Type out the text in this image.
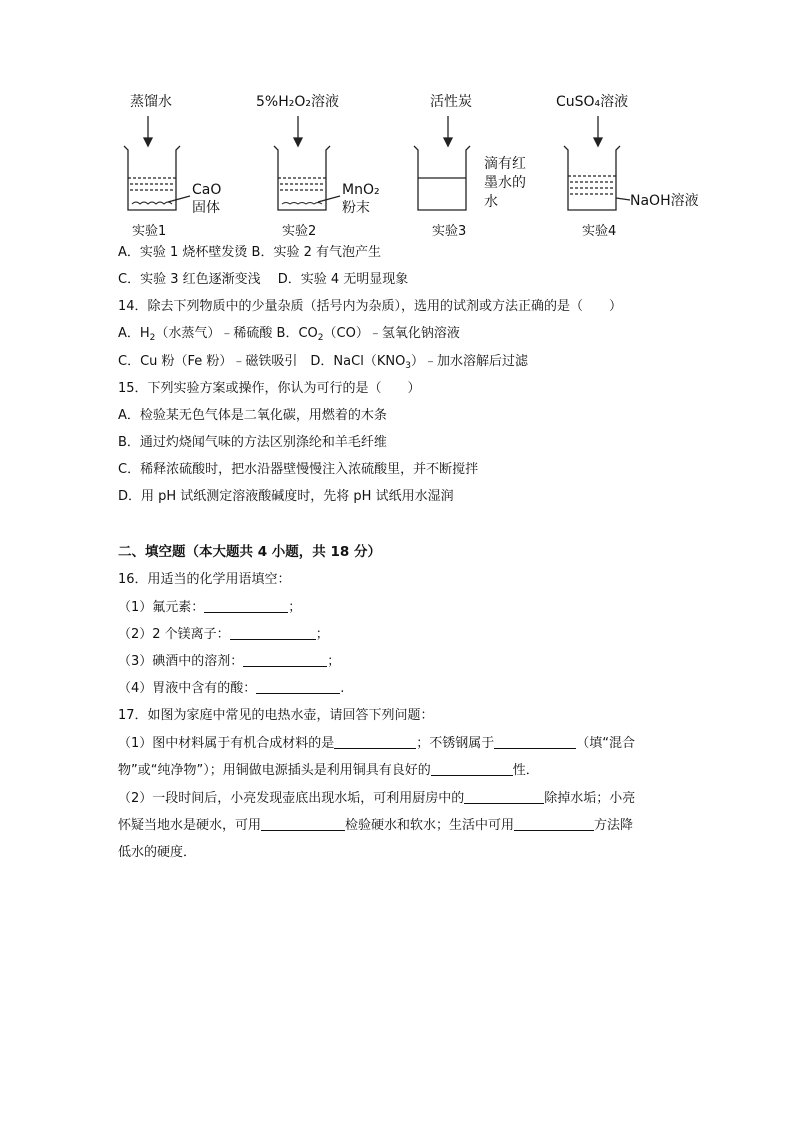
蒸馏水
CaO
固体
实验1
5%H₂O₂溶液
MnO₂
粉末
实验2
活性炭
滴有红
墨水的
水
实验3
CuSO₄溶液
NaOH溶液
实验4
A．实验 1 烧杯壁发烫 B．实验 2 有气泡产生
C．实验 3 红色逐渐变浅　 D．实验 4 无明显现象
14．除去下列物质中的少量杂质（括号内为杂质），选用的试剂或方法正确的是（　　）
A．$H_2$（水蒸气）﹣稀硫酸 B．$CO_2(CO)﹣$氢氧化钠溶液
C．Cu 粉（Fe 粉）﹣磁铁吸引　D．$NaCl(KNO_3)﹣$加水溶解后过滤
15．下列实验方案或操作，你认为可行的是（　　）
A．检验某无色气体是二氧化碳，用燃着的木条
B．通过灼烧闻气味的方法区别涤纶和羊毛纤维
C．稀释浓硫酸时，把水沿器壁慢慢注入浓硫酸里，并不断搅拌
D．用 pH 试纸测定溶液酸碱度时，先将 pH 试纸用水湿润
二、填空题（本大题共 4 小题，共 18 分）
16．用适当的化学用语填空：
（1）氟元素：	；
（2）2 个镁离子：	；
（3）碘酒中的溶剂：	；
（4）胃液中含有的酸：	.
17．如图为家庭中常见的电热水壶，请回答下列问题：
（1）图中材料属于有机合成材料的是	；不锈钢属于	（填“混合
物”或“纯净物”）；用铜做电源插头是利用铜具有良好的	性．
（2）一段时间后，小亮发现壶底出现水垢，可利用厨房中的	除掉水垢；小亮
怀疑当地水是硬水，可用	检验硬水和软水；生活中可用	方法降
低水的硬度．
